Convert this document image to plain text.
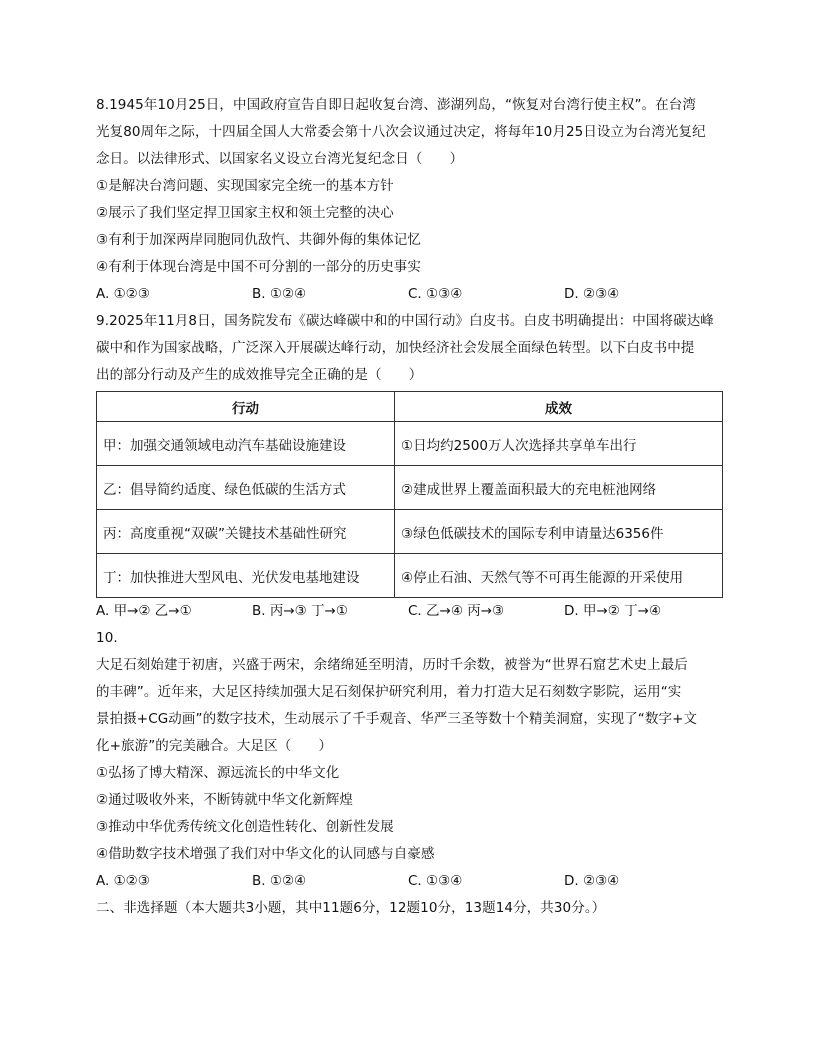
8.1945年10月25日，中国政府宣告自即日起收复台湾、澎湖列岛，“恢复对台湾行使主权”。在台湾
光复80周年之际，十四届全国人大常委会第十八次会议通过决定，将每年10月25日设立为台湾光复纪
念日。以法律形式、以国家名义设立台湾光复纪念日（　　）
①是解决台湾问题、实现国家完全统一的基本方针
②展示了我们坚定捍卫国家主权和领土完整的决心
③有利于加深两岸同胞同仇敌忾、共御外侮的集体记忆
④有利于体现台湾是中国不可分割的一部分的历史事实
A. ①②③	B. ①②④	C. ①③④	D. ②③④
9.2025年11月8日，国务院发布《碳达峰碳中和的中国行动》白皮书。白皮书明确提出：中国将碳达峰
碳中和作为国家战略，广泛深入开展碳达峰行动，加快经济社会发展全面绿色转型。以下白皮书中提
出的部分行动及产生的成效推导完全正确的是（　　）
行动	成效
甲：加强交通领域电动汽车基础设施建设	①日均约2500万人次选择共享单车出行
乙：倡导简约适度、绿色低碳的生活方式	②建成世界上覆盖面积最大的充电桩池网络
丙：高度重视“双碳”关键技术基础性研究	③绿色低碳技术的国际专利申请量达6356件
丁：加快推进大型风电、光伏发电基地建设	④停止石油、天然气等不可再生能源的开采使用
A. 甲→② 乙→①	B. 丙→③ 丁→①	C. 乙→④ 丙→③	D. 甲→② 丁→④
10.
大足石刻始建于初唐，兴盛于两宋，余绪绵延至明清，历时千余数，被誉为“世界石窟艺术史上最后
的丰碑”。近年来，大足区持续加强大足石刻保护研究利用，着力打造大足石刻数字影院，运用“实
景拍摄+CG动画”的数字技术，生动展示了千手观音、华严三圣等数十个精美洞窟，实现了“数字+文
化+旅游”的完美融合。大足区（　　）
①弘扬了博大精深、源远流长的中华文化
②通过吸收外来，不断铸就中华文化新辉煌
③推动中华优秀传统文化创造性转化、创新性发展
④借助数字技术增强了我们对中华文化的认同感与自豪感
A. ①②③	B. ①②④	C. ①③④	D. ②③④
二、非选择题（本大题共3小题，其中11题6分，12题10分，13题14分，共30分。）
